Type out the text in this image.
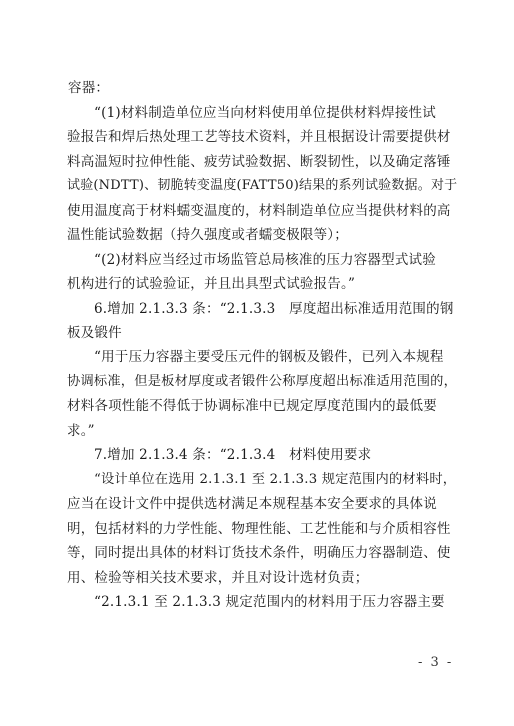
容器：
“(1)材料制造单位应当向材料使用单位提供材料焊接性试
验报告和焊后热处理工艺等技术资料，并且根据设计需要提供材
料高温短时拉伸性能、疲劳试验数据、断裂韧性，以及确定落锤
试验(NDTT)、韧脆转变温度(FATT50)结果的系列试验数据。对于
使用温度高于材料蠕变温度的，材料制造单位应当提供材料的高
温性能试验数据（持久强度或者蠕变极限等）；
“(2)材料应当经过市场监管总局核准的压力容器型式试验
机构进行的试验验证，并且出具型式试验报告。”
6.增加 2.1.3.3 条：“2.1.3.3　厚度超出标准适用范围的钢
板及锻件
“用于压力容器主要受压元件的钢板及锻件，已列入本规程
协调标准，但是板材厚度或者锻件公称厚度超出标准适用范围的，
材料各项性能不得低于协调标准中已规定厚度范围内的最低要
求。”
7.增加 2.1.3.4 条：“2.1.3.4　材料使用要求
“设计单位在选用 2.1.3.1 至 2.1.3.3 规定范围内的材料时，
应当在设计文件中提供选材满足本规程基本安全要求的具体说
明，包括材料的力学性能、物理性能、工艺性能和与介质相容性
等，同时提出具体的材料订货技术条件，明确压力容器制造、使
用、检验等相关技术要求，并且对设计选材负责；
“2.1.3.1 至 2.1.3.3 规定范围内的材料用于压力容器主要
- 3 -
